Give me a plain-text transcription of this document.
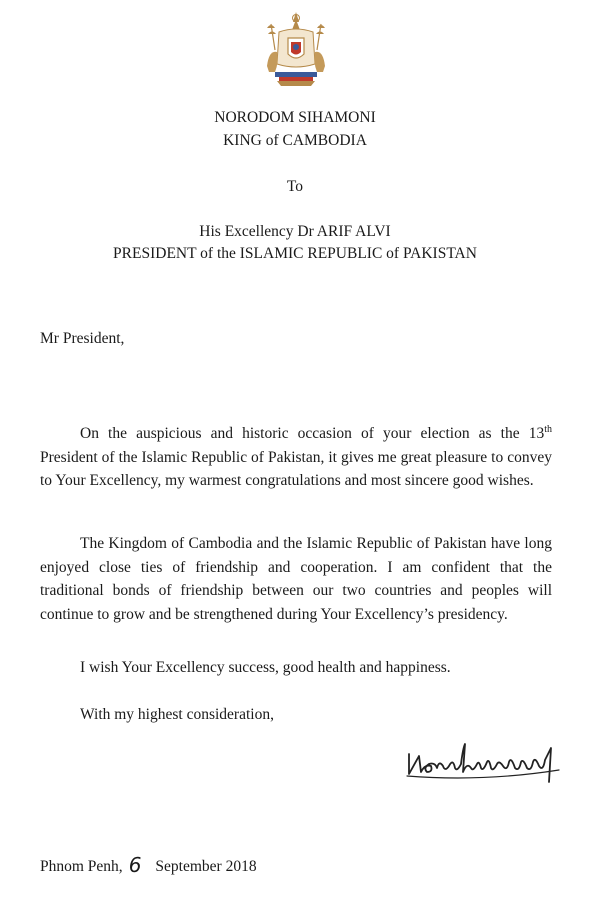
NORODOM SIHAMONI
KING of CAMBODIA
To
His Excellency Dr ARIF ALVI
PRESIDENT of the ISLAMIC REPUBLIC of PAKISTAN
Mr President,

On the auspicious and historic occasion of your election as the 13th President of the Islamic Republic of Pakistan, it gives me great pleasure to convey to Your Excellency, my warmest congratulations and most sincere good wishes.

The Kingdom of Cambodia and the Islamic Republic of Pakistan have long enjoyed close ties of friendship and cooperation. I am confident that the traditional bonds of friendship between our two countries and peoples will continue to grow and be strengthened during Your Excellency’s presidency.

I wish Your Excellency success, good health and happiness.

With my highest consideration,

Phnom Penh, 6 September 2018
